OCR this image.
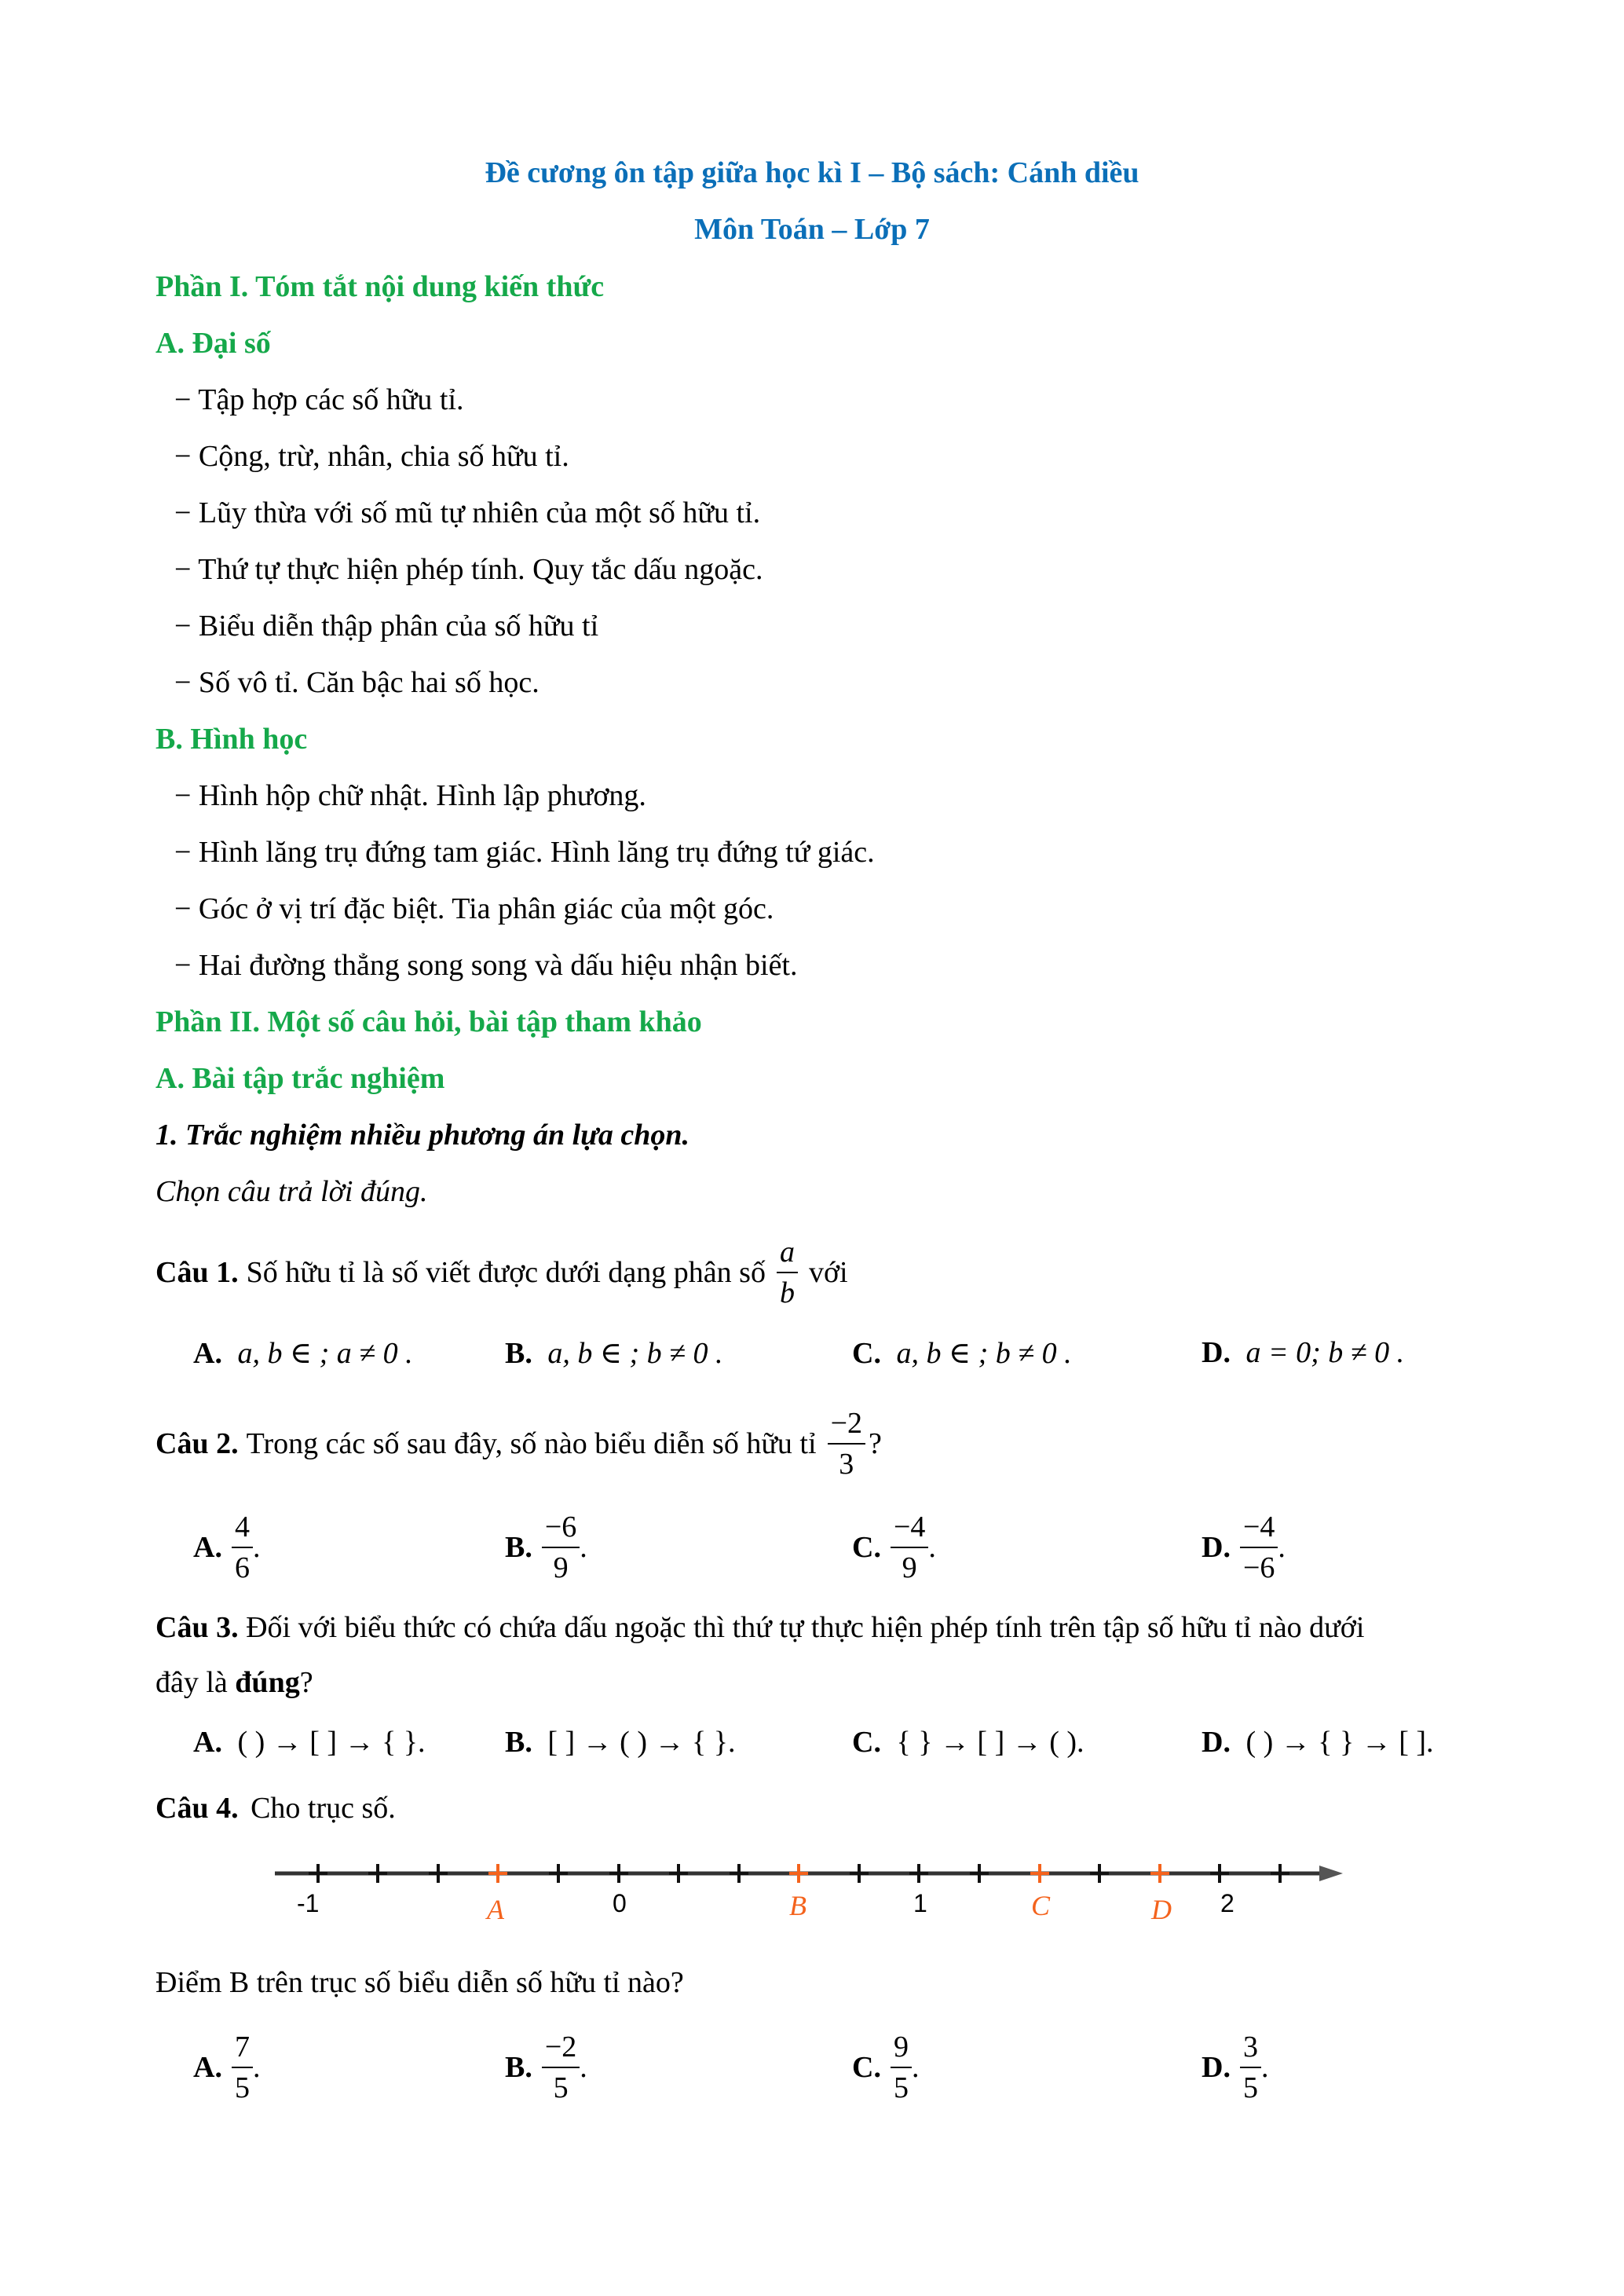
Đề cương ôn tập giữa học kì I – Bộ sách: Cánh diều
Môn Toán – Lớp 7
Phần I. Tóm tắt nội dung kiến thức
A. Đại số
− Tập hợp các số hữu tỉ.
− Cộng, trừ, nhân, chia số hữu tỉ.
− Lũy thừa với số mũ tự nhiên của một số hữu tỉ.
− Thứ tự thực hiện phép tính. Quy tắc dấu ngoặc.
− Biểu diễn thập phân của số hữu tỉ
− Số vô tỉ. Căn bậc hai số học.
B. Hình học
− Hình hộp chữ nhật. Hình lập phương.
− Hình lăng trụ đứng tam giác. Hình lăng trụ đứng tứ giác.
− Góc ở vị trí đặc biệt. Tia phân giác của một góc.
− Hai đường thẳng song song và dấu hiệu nhận biết.
Phần II. Một số câu hỏi, bài tập tham khảo
A. Bài tập trắc nghiệm
1. Trắc nghiệm nhiều phương án lựa chọn.
Chọn câu trả lời đúng.
Câu 1. Số hữu tỉ là số viết được dưới dạng phân số $\frac{a}{b}$ với
A. a, b ∈ ; a ≠ 0 .	B. a, b ∈ ; b ≠ 0 .	C. a, b ∈ ; b ≠ 0 .	D. a = 0; b ≠ 0 .
Câu 2. Trong các số sau đây, số nào biểu diễn số hữu tỉ $\frac{-2}{3}$ ?
A. $\frac{4}{6}$ .	B. $\frac{-6}{9}$ .	C. $\frac{-4}{9}$ .	D. $\frac{-4}{-6}$ .
Câu 3. Đối với biểu thức có chứa dấu ngoặc thì thứ tự thực hiện phép tính trên tập số hữu tỉ nào dưới
đây là đúng?
A. ( ) → [ ] → { }.	B. [ ] → ( ) → { }.	C. { } → [ ] → ( ).	D. ( ) → { } → [ ].
Câu 4. Cho trục số.
-1	0	1	2
A	B	C	D
Điểm B trên trục số biểu diễn số hữu tỉ nào?
A. $\frac{7}{5}$ .	B. $\frac{-2}{5}$ .	C. $\frac{9}{5}$ .	D. $\frac{3}{5}$ .
